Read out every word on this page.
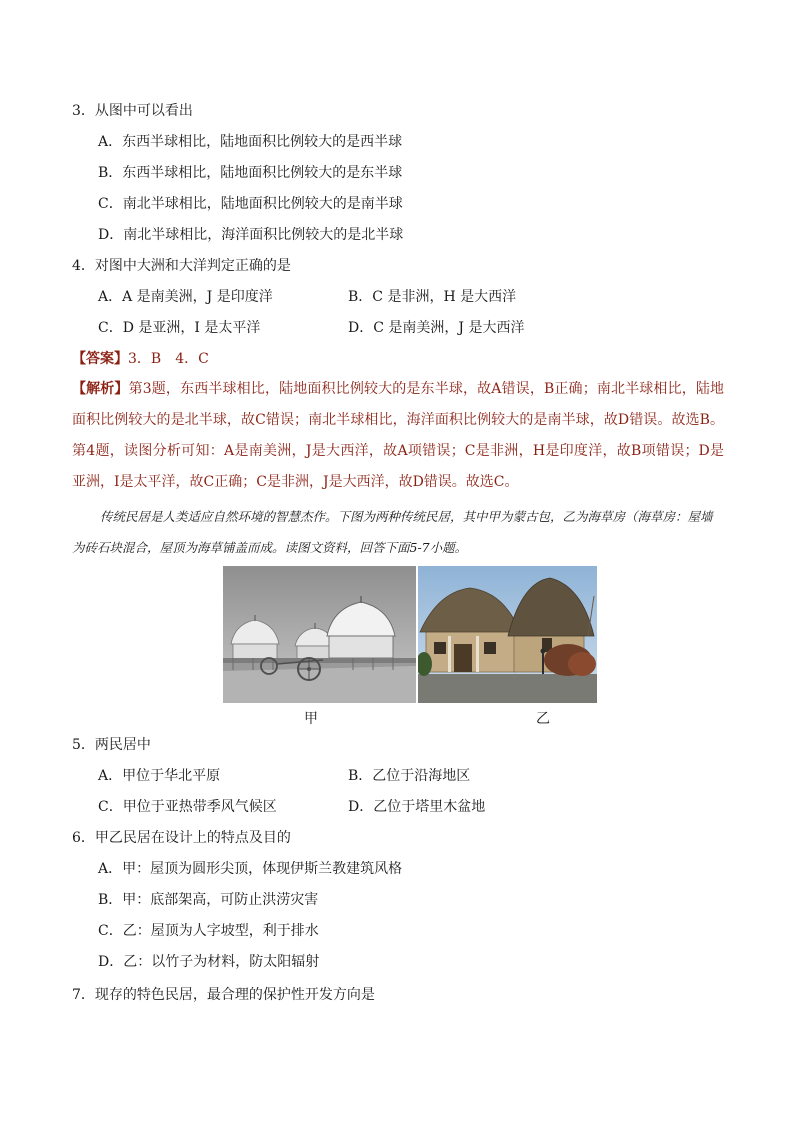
3．从图中可以看出
A．东西半球相比，陆地面积比例较大的是西半球
B．东西半球相比，陆地面积比例较大的是东半球
C．南北半球相比，陆地面积比例较大的是南半球
D．南北半球相比，海洋面积比例较大的是北半球
4．对图中大洲和大洋判定正确的是
A．A 是南美洲，J 是印度洋	B．C 是非洲，H 是大西洋
C．D 是亚洲，I 是太平洋	D．C 是南美洲，J 是大西洋
【答案】3．B　4．C
【解析】第3题，东西半球相比，陆地面积比例较大的是东半球，故A错误，B正确；南北半球相比，陆地面积比例较大的是北半球，故C错误；南北半球相比，海洋面积比例较大的是南半球，故D错误。故选B。第4题，读图分析可知：A是南美洲，J是大西洋，故A项错误；C是非洲，H是印度洋，故B项错误；D是亚洲，I是太平洋，故C正确；C是非洲，J是大西洋，故D错误。故选C。
传统民居是人类适应自然环境的智慧杰作。下图为两种传统民居，其中甲为蒙古包，乙为海草房（海草房：屋墙为砖石块混合，屋顶为海草铺盖而成。读图文资料，回答下面5-7小题。
甲	乙
5．两民居中
A．甲位于华北平原	B．乙位于沿海地区
C．甲位于亚热带季风气候区	D．乙位于塔里木盆地
6．甲乙民居在设计上的特点及目的
A．甲：屋顶为圆形尖顶，体现伊斯兰教建筑风格
B．甲：底部架高，可防止洪涝灾害
C．乙：屋顶为人字坡型，利于排水
D．乙：以竹子为材料，防太阳辐射
7．现存的特色民居，最合理的保护性开发方向是
